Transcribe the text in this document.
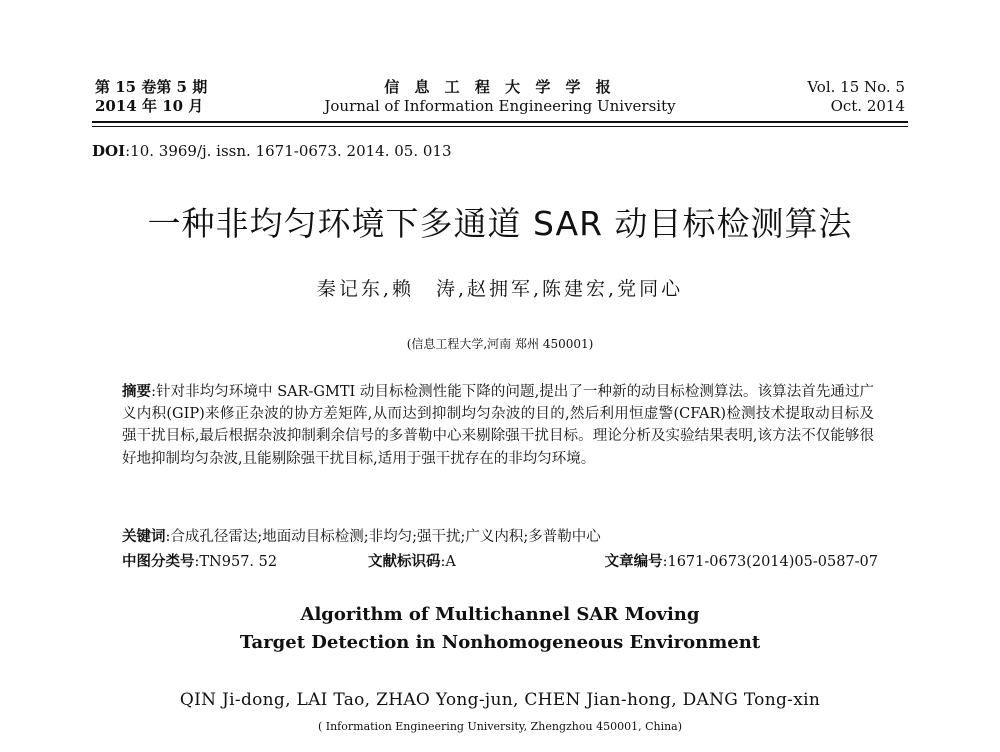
第 15 卷第 5 期
2014 年 10 月
信 息 工 程 大 学 学 报
Journal of Information Engineering University
Vol. 15 No. 5
Oct. 2014
DOI:10. 3969/j. issn. 1671-0673. 2014. 05. 013
一种非均匀环境下多通道 SAR 动目标检测算法
秦记东,赖　涛,赵拥军,陈建宏,党同心
(信息工程大学,河南 郑州 450001)
摘要:针对非均匀环境中 SAR-GMTI 动目标检测性能下降的问题,提出了一种新的动目标检测算法。该算法首先通过广义内积(GIP)来修正杂波的协方差矩阵,从而达到抑制均匀杂波的目的,然后利用恒虚警(CFAR)检测技术提取动目标及强干扰目标,最后根据杂波抑制剩余信号的多普勒中心来剔除强干扰目标。理论分析及实验结果表明,该方法不仅能够很好地抑制均匀杂波,且能剔除强干扰目标,适用于强干扰存在的非均匀环境。
关键词:合成孔径雷达;地面动目标检测;非均匀;强干扰;广义内积;多普勒中心
中图分类号:TN957. 52	文献标识码:A	文章编号:1671-0673(2014)05-0587-07
Algorithm of Multichannel SAR Moving
Target Detection in Nonhomogeneous Environment
QIN Ji-dong, LAI Tao, ZHAO Yong-jun, CHEN Jian-hong, DANG Tong-xin
( Information Engineering University, Zhengzhou 450001, China)
